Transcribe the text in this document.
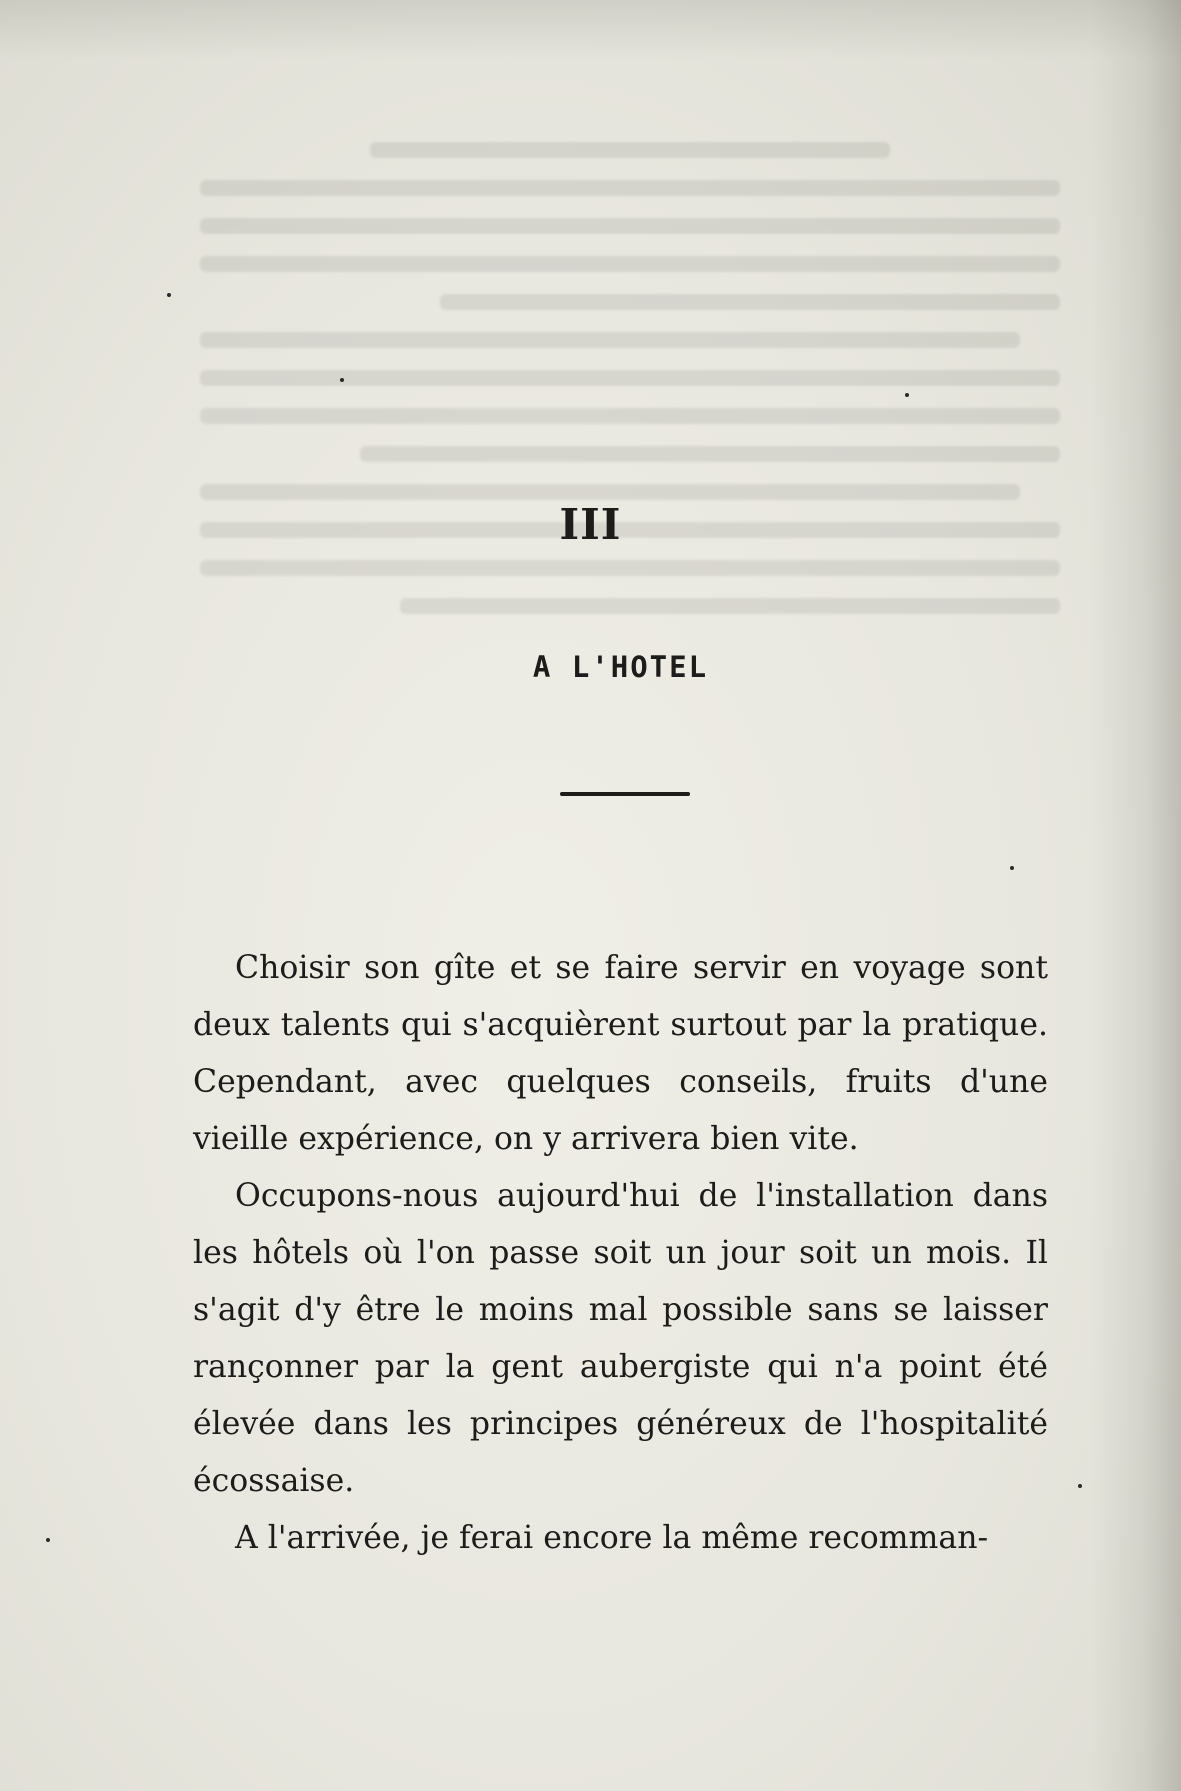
III
A L'HOTEL

Choisir son gîte et se faire servir en voyage sont deux talents qui s'acquièrent surtout par la pratique. Cependant, avec quelques conseils, fruits d'une vieille expérience, on y arrivera bien vite.

Occupons-nous aujourd'hui de l'installation dans les hôtels où l'on passe soit un jour soit un mois. Il s'agit d'y être le moins mal possible sans se laisser rançonner par la gent aubergiste qui n'a point été élevée dans les principes généreux de l'hospitalité écossaise.

A l'arrivée, je ferai encore la même recomman-
